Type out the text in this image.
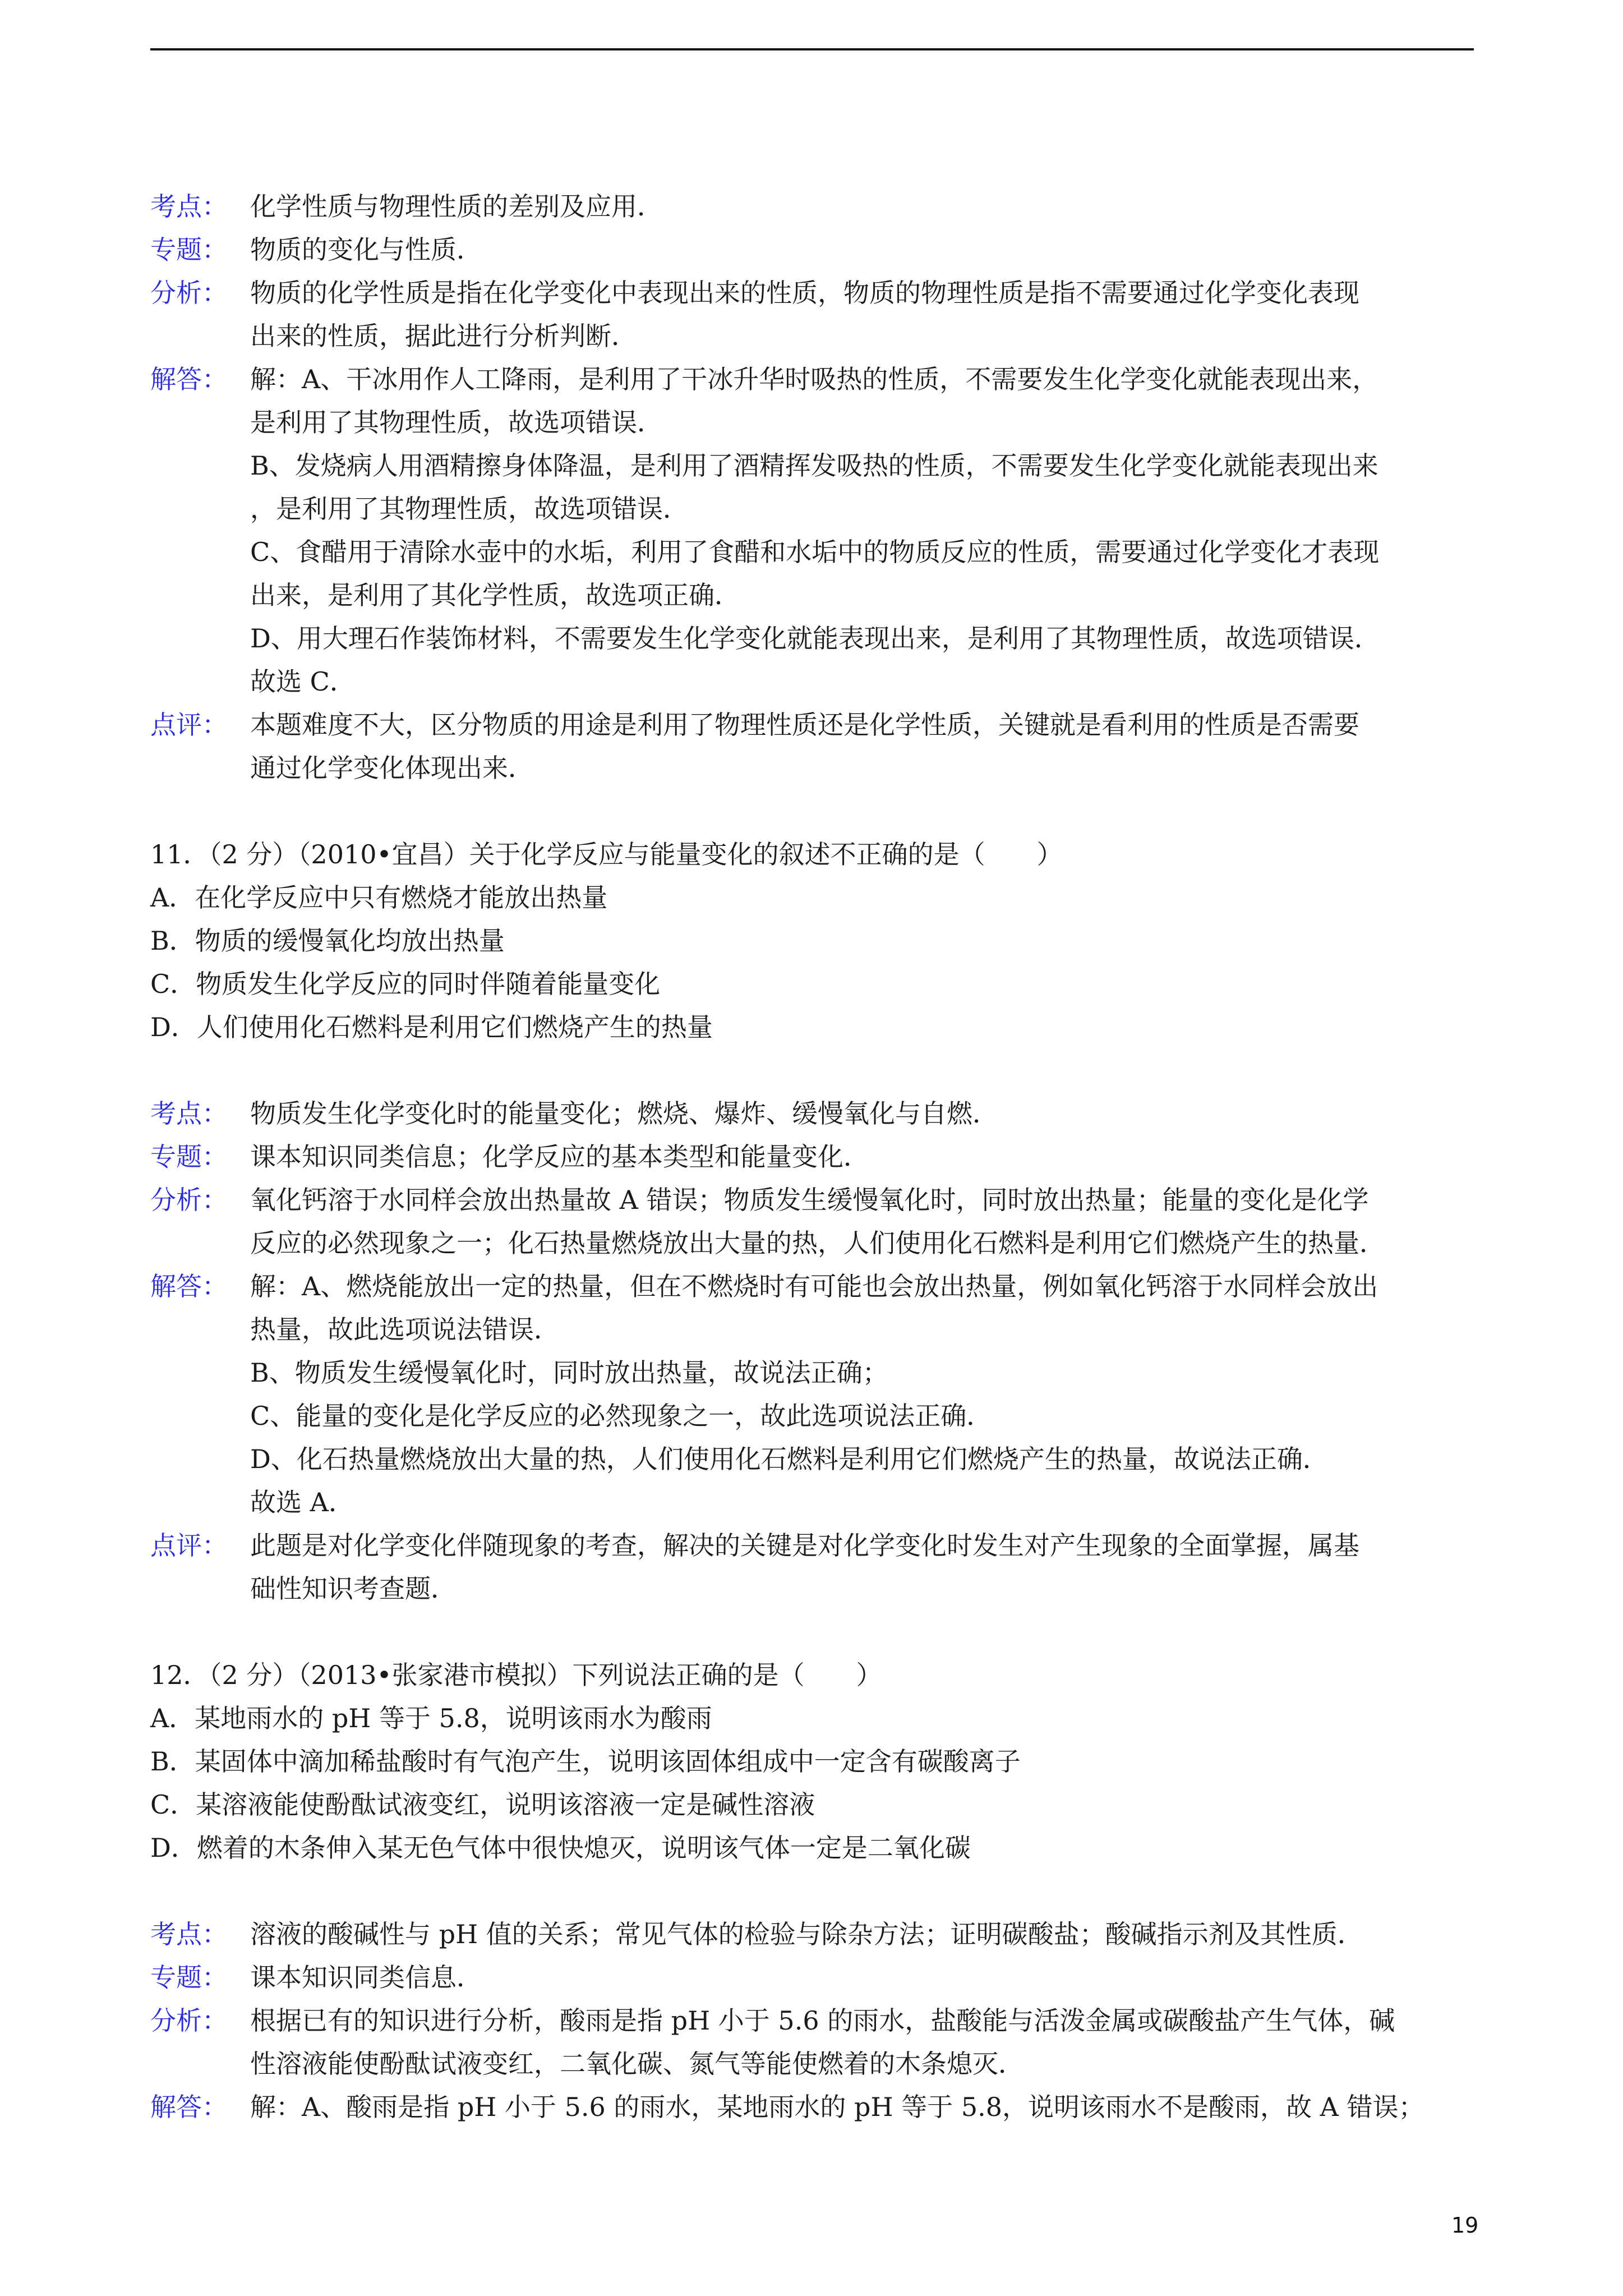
考点： 化学性质与物理性质的差别及应用．
专题： 物质的变化与性质．
分析： 物质的化学性质是指在化学变化中表现出来的性质，物质的物理性质是指不需要通过化学变化表现
出来的性质，据此进行分析判断．
解答： 解：A、干冰用作人工降雨，是利用了干冰升华时吸热的性质，不需要发生化学变化就能表现出来，
是利用了其物理性质，故选项错误．
B、发烧病人用酒精擦身体降温，是利用了酒精挥发吸热的性质，不需要发生化学变化就能表现出来
，是利用了其物理性质，故选项错误．
C、食醋用于清除水壶中的水垢，利用了食醋和水垢中的物质反应的性质，需要通过化学变化才表现
出来，是利用了其化学性质，故选项正确．
D、用大理石作装饰材料，不需要发生化学变化就能表现出来，是利用了其物理性质，故选项错误．
故选 C．
点评： 本题难度不大，区分物质的用途是利用了物理性质还是化学性质，关键就是看利用的性质是否需要
通过化学变化体现出来．
11．（2 分）（2010•宜昌）关于化学反应与能量变化的叙述不正确的是（　　）
A．在化学反应中只有燃烧才能放出热量
B．物质的缓慢氧化均放出热量
C．物质发生化学反应的同时伴随着能量变化
D．人们使用化石燃料是利用它们燃烧产生的热量
考点： 物质发生化学变化时的能量变化；燃烧、爆炸、缓慢氧化与自燃．
专题： 课本知识同类信息；化学反应的基本类型和能量变化．
分析： 氧化钙溶于水同样会放出热量故 A 错误；物质发生缓慢氧化时，同时放出热量；能量的变化是化学
反应的必然现象之一；化石热量燃烧放出大量的热，人们使用化石燃料是利用它们燃烧产生的热量．
解答： 解：A、燃烧能放出一定的热量，但在不燃烧时有可能也会放出热量，例如氧化钙溶于水同样会放出
热量，故此选项说法错误．
B、物质发生缓慢氧化时，同时放出热量，故说法正确；
C、能量的变化是化学反应的必然现象之一，故此选项说法正确．
D、化石热量燃烧放出大量的热，人们使用化石燃料是利用它们燃烧产生的热量，故说法正确．
故选 A．
点评： 此题是对化学变化伴随现象的考查，解决的关键是对化学变化时发生对产生现象的全面掌握，属基
础性知识考查题．
12．（2 分）（2013•张家港市模拟）下列说法正确的是（　　）
A．某地雨水的 pH 等于 5.8，说明该雨水为酸雨
B．某固体中滴加稀盐酸时有气泡产生，说明该固体组成中一定含有碳酸离子
C．某溶液能使酚酞试液变红，说明该溶液一定是碱性溶液
D．燃着的木条伸入某无色气体中很快熄灭，说明该气体一定是二氧化碳
考点： 溶液的酸碱性与 pH 值的关系；常见气体的检验与除杂方法；证明碳酸盐；酸碱指示剂及其性质．
专题： 课本知识同类信息．
分析： 根据已有的知识进行分析，酸雨是指 pH 小于 5.6 的雨水，盐酸能与活泼金属或碳酸盐产生气体，碱
性溶液能使酚酞试液变红，二氧化碳、氮气等能使燃着的木条熄灭．
解答： 解：A、酸雨是指 pH 小于 5.6 的雨水，某地雨水的 pH 等于 5.8，说明该雨水不是酸雨，故 A 错误；
19
